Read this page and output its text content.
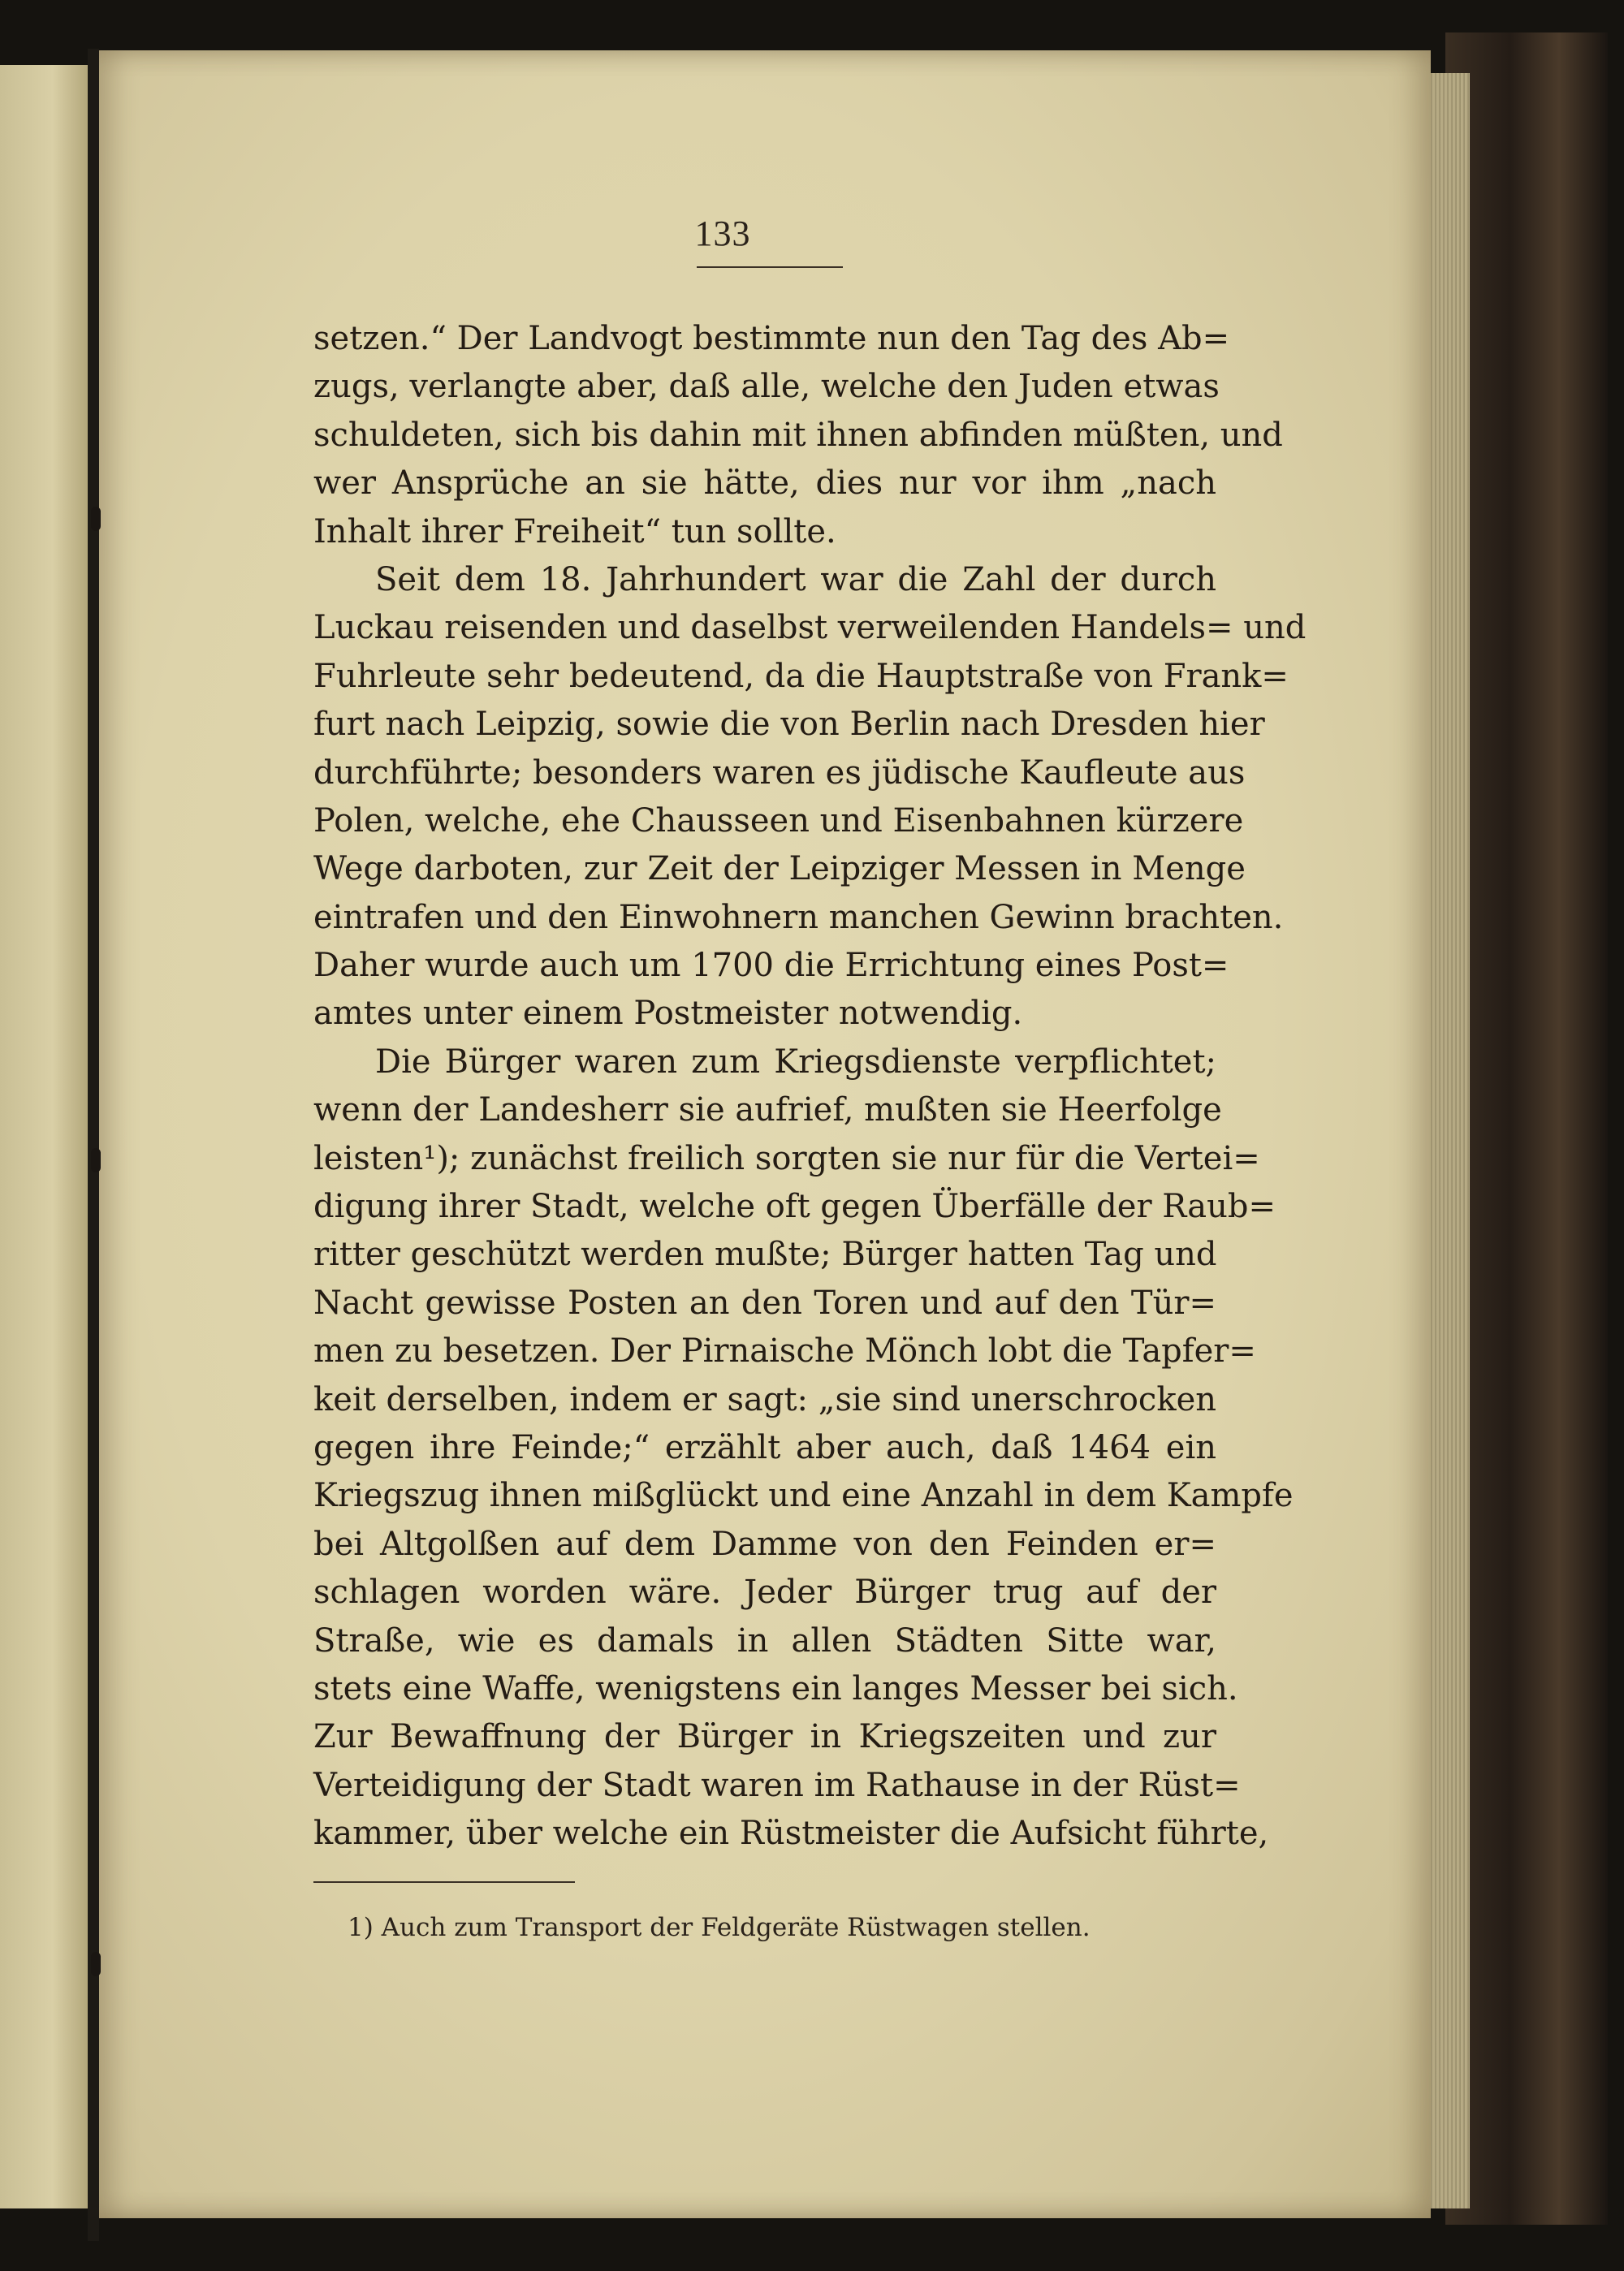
133
setzen.“ Der Landvogt bestimmte nun den Tag des Ab=
zugs, verlangte aber, daß alle, welche den Juden etwas
schuldeten, sich bis dahin mit ihnen abfinden müßten, und
wer Ansprüche an sie hätte, dies nur vor ihm „nach
Inhalt ihrer Freiheit“ tun sollte.
Seit dem 18. Jahrhundert war die Zahl der durch
Luckau reisenden und daselbst verweilenden Handels= und
Fuhrleute sehr bedeutend, da die Hauptstraße von Frank=
furt nach Leipzig, sowie die von Berlin nach Dresden hier
durchführte; besonders waren es jüdische Kaufleute aus
Polen, welche, ehe Chausseen und Eisenbahnen kürzere
Wege darboten, zur Zeit der Leipziger Messen in Menge
eintrafen und den Einwohnern manchen Gewinn brachten.
Daher wurde auch um 1700 die Errichtung eines Post=
amtes unter einem Postmeister notwendig.
Die Bürger waren zum Kriegsdienste verpflichtet;
wenn der Landesherr sie aufrief, mußten sie Heerfolge
leisten¹); zunächst freilich sorgten sie nur für die Vertei=
digung ihrer Stadt, welche oft gegen Überfälle der Raub=
ritter geschützt werden mußte; Bürger hatten Tag und
Nacht gewisse Posten an den Toren und auf den Tür=
men zu besetzen. Der Pirnaische Mönch lobt die Tapfer=
keit derselben, indem er sagt: „sie sind unerschrocken
gegen ihre Feinde;“ erzählt aber auch, daß 1464 ein
Kriegszug ihnen mißglückt und eine Anzahl in dem Kampfe
bei Altgolßen auf dem Damme von den Feinden er=
schlagen worden wäre. Jeder Bürger trug auf der
Straße, wie es damals in allen Städten Sitte war,
stets eine Waffe, wenigstens ein langes Messer bei sich.
Zur Bewaffnung der Bürger in Kriegszeiten und zur
Verteidigung der Stadt waren im Rathause in der Rüst=
kammer, über welche ein Rüstmeister die Aufsicht führte,
1) Auch zum Transport der Feldgeräte Rüstwagen stellen.
